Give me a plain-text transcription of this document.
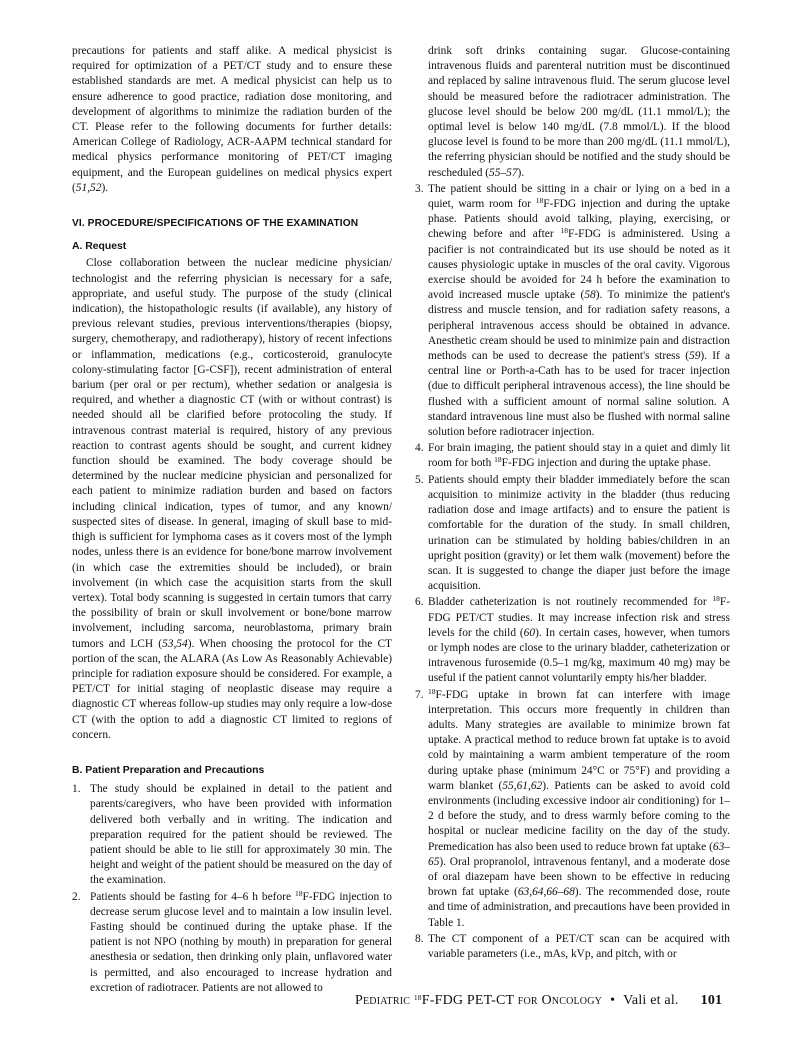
precautions for patients and staff alike. A medical physicist is required for optimization of a PET/CT study and to ensure these established standards are met. A medical physicist can help us to ensure adherence to good practice, radiation dose monitoring, and development of algorithms to minimize the radiation burden of the CT. Please refer to the following documents for further details: American College of Radiology, ACR-AAPM technical standard for medical physics performance monitoring of PET/CT imaging equipment, and the European guidelines on medical physics expert (51,52).

VI. PROCEDURE/SPECIFICATIONS OF THE EXAMINATION
A. Request

Close collaboration between the nuclear medicine physician/ technologist and the referring physician is necessary for a safe, appropriate, and useful study. The purpose of the study (clinical indication), the histopathologic results (if available), any history of previous relevant studies, previous interventions/therapies (biopsy, surgery, chemotherapy, and radiotherapy), history of recent infections or inflammation, medications (e.g., corticosteroid, granulocyte colony-stimulating factor [G-CSF]), recent administration of enteral barium (per oral or per rectum), whether sedation or analgesia is required, and whether a diagnostic CT (with or without contrast) is needed should all be clarified before protocoling the study. If intravenous contrast material is required, history of any previous reaction to contrast agents should be sought, and current kidney function should be examined. The body coverage should be determined by the nuclear medicine physician and personalized for each patient to minimize radiation burden and based on factors including clinical indication, types of tumor, and any known/ suspected sites of disease. In general, imaging of skull base to mid-thigh is sufficient for lymphoma cases as it covers most of the lymph nodes, unless there is an evidence for bone/bone marrow involvement (in which case the extremities should be included), or brain involvement (in which case the acquisition starts from the skull vertex). Total body scanning is suggested in certain tumors that carry the possibility of brain or skull involvement or bone/bone marrow involvement, including sarcoma, neuroblastoma, primary brain tumors and LCH (53,54). When choosing the protocol for the CT portion of the scan, the ALARA (As Low As Reasonably Achievable) principle for radiation exposure should be considered. For example, a PET/CT for initial staging of neoplastic disease may require a diagnostic CT whereas follow-up studies may only require a low-dose CT (with the option to add a diagnostic CT limited to regions of concern.

B. Patient Preparation and Precautions
1. The study should be explained in detail to the patient and parents/caregivers, who have been provided with information delivered both verbally and in writing. The indication and preparation required for the patient should be reviewed. The patient should be able to lie still for approximately 30 min. The height and weight of the patient should be measured on the day of the examination.
2. Patients should be fasting for 4–6 h before $^{18}$F-FDG injection to decrease serum glucose level and to maintain a low insulin level. Fasting should be continued during the uptake phase. If the patient is not NPO (nothing by mouth) in preparation for general anesthesia or sedation, then drinking only plain, unflavored water is permitted, and also encouraged to increase hydration and excretion of radiotracer. Patients are not allowed to
drink soft drinks containing sugar. Glucose-containing intravenous fluids and parenteral nutrition must be discontinued and replaced by saline intravenous fluid. The serum glucose level should be measured before the radiotracer administration. The glucose level should be below 200 mg/dL (11.1 mmol/L); the optimal level is below 140 mg/dL (7.8 mmol/L). If the blood glucose level is found to be more than 200 mg/dL (11.1 mmol/L), the referring physician should be notified and the study should be rescheduled (55–57).
3. The patient should be sitting in a chair or lying on a bed in a quiet, warm room for $^{18}$F-FDG injection and during the uptake phase. Patients should avoid talking, playing, exercising, or chewing before and after $^{18}$F-FDG is administered. Using a pacifier is not contraindicated but its use should be noted as it causes physiologic uptake in muscles of the oral cavity. Vigorous exercise should be avoided for 24 h before the examination to avoid increased muscle uptake (58). To minimize the patient's distress and muscle tension, and for radiation safety reasons, a peripheral intravenous access should be obtained in advance. Anesthetic cream should be used to minimize pain and distraction methods can be used to decrease the patient's stress (59). If a central line or Porth-a-Cath has to be used for tracer injection (due to difficult peripheral intravenous access), the line should be flushed with a sufficient amount of normal saline solution. A standard intravenous line must also be flushed with normal saline solution before radiotracer injection.
4. For brain imaging, the patient should stay in a quiet and dimly lit room for both $^{18}$F-FDG injection and during the uptake phase.
5. Patients should empty their bladder immediately before the scan acquisition to minimize activity in the bladder (thus reducing radiation dose and image artifacts) and to ensure the patient is comfortable for the duration of the study. In small children, urination can be stimulated by holding babies/children in an upright position (gravity) or let them walk (movement) before the scan. It is suggested to change the diaper just before the image acquisition.
6. Bladder catheterization is not routinely recommended for $^{18}$F-FDG PET/CT studies. It may increase infection risk and stress levels for the child (60). In certain cases, however, when tumors or lymph nodes are close to the urinary bladder, catheterization or intravenous furosemide (0.5–1 mg/kg, maximum 40 mg) may be useful if the patient cannot voluntarily empty his/her bladder.
7. $^{18}$F-FDG uptake in brown fat can interfere with image interpretation. This occurs more frequently in children than adults. Many strategies are available to minimize brown fat uptake. A practical method to reduce brown fat uptake is to avoid cold by maintaining a warm ambient temperature of the room during uptake phase (minimum 24°C or 75°F) and providing a warm blanket (55,61,62). Patients can be asked to avoid cold environments (including excessive indoor air conditioning) for 1–2 d before the study, and to dress warmly before coming to the hospital or nuclear medicine facility on the day of the study. Premedication has also been used to reduce brown fat uptake (63–65). Oral propranolol, intravenous fentanyl, and a moderate dose of oral diazepam have been shown to be effective in reducing brown fat uptake (63,64,66–68). The recommended dose, route and time of administration, and precautions have been provided in Table 1.
8. The CT component of a PET/CT scan can be acquired with variable parameters (i.e., mAs, kVp, and pitch, with or
Pediatric $^{18}$F-FDG PET-CT for Oncology • Vali et al. 101
